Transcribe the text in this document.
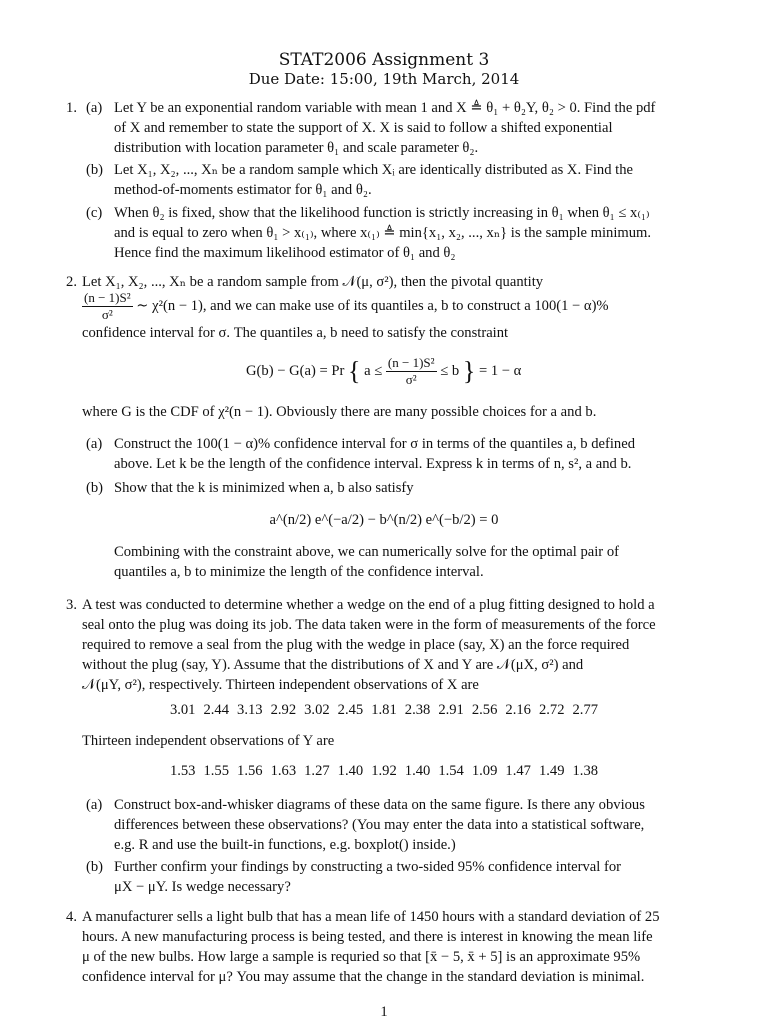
STAT2006 Assignment 3
Due Date: 15:00, 19th March, 2014
1. (a) Let Y be an exponential random variable with mean 1 and X ≜ θ₁ + θ₂Y, θ₂ > 0. Find the pdf
of X and remember to state the support of X. X is said to follow a shifted exponential
distribution with location parameter θ₁ and scale parameter θ₂.
(b) Let X₁, X₂, ..., Xₙ be a random sample which Xᵢ are identically distributed as X. Find the
method-of-moments estimator for θ₁ and θ₂.
(c) When θ₂ is fixed, show that the likelihood function is strictly increasing in θ₁ when θ₁ ≤ x₍₁₎
and is equal to zero when θ₁ > x₍₁₎, where x₍₁₎ ≜ min{x₁, x₂, ..., xₙ} is the sample minimum.
Hence find the maximum likelihood estimator of θ₁ and θ₂
2. Let X₁, X₂, ..., Xₙ be a random sample from 𝒩(μ, σ²), then the pivotal quantity
$\frac{\text{(n − 1)S²}}{\text{σ²}}$ ∼ χ²(n − 1), and we can make use of its quantiles a, b to construct a 100(1 − α)%
confidence interval for σ. The quantiles a, b need to satisfy the constraint
G(b) − G(a) = Pr { $a \le \frac{\text{(n − 1)S²}}{\text{σ²}} \le b$ } = 1 − α
where G is the CDF of χ²(n − 1). Obviously there are many possible choices for a and b.
(a) Construct the 100(1 − α)% confidence interval for σ in terms of the quantiles a, b defined
above. Let k be the length of the confidence interval. Express k in terms of n, s², a and b.
(b) Show that the k is minimized when a, b also satisfy
a^(n/2) e^(−a/2) − b^(n/2) e^(−b/2) = 0
Combining with the constraint above, we can numerically solve for the optimal pair of
quantiles a, b to minimize the length of the confidence interval.
3. A test was conducted to determine whether a wedge on the end of a plug fitting designed to hold a
seal onto the plug was doing its job. The data taken were in the form of measurements of the force
required to remove a seal from the plug with the wedge in place (say, X) an the force required
without the plug (say, Y). Assume that the distributions of X and Y are 𝒩(μX, σ²) and
𝒩(μY, σ²), respectively. Thirteen independent observations of X are
3.01 2.44 3.13 2.92 3.02 2.45 1.81 2.38 2.91 2.56 2.16 2.72 2.77
Thirteen independent observations of Y are
1.53 1.55 1.56 1.63 1.27 1.40 1.92 1.40 1.54 1.09 1.47 1.49 1.38
(a) Construct box-and-whisker diagrams of these data on the same figure. Is there any obvious
differences between these observations? (You may enter the data into a statistical software,
e.g. R and use the built-in functions, e.g. boxplot() inside.)
(b) Further confirm your findings by constructing a two-sided 95% confidence interval for
μX − μY. Is wedge necessary?
4. A manufacturer sells a light bulb that has a mean life of 1450 hours with a standard deviation of 25
hours. A new manufacturing process is being tested, and there is interest in knowing the mean life
μ of the new bulbs. How large a sample is requried so that [x̄ − 5, x̄ + 5] is an approximate 95%
confidence interval for μ? You may assume that the change in the standard deviation is minimal.
1
